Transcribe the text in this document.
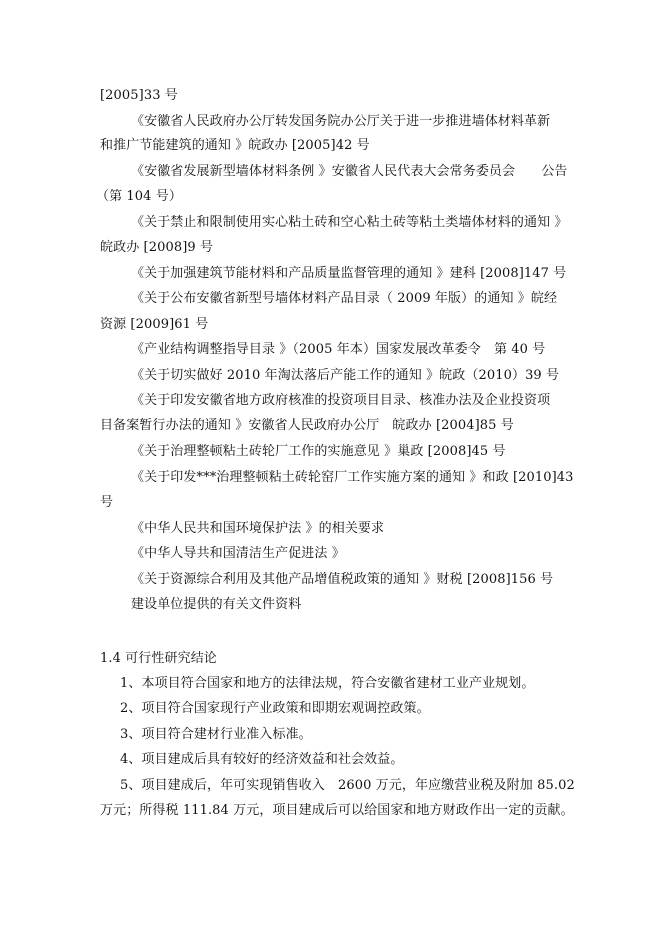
[2005]33 号
《安徽省人民政府办公厅转发国务院办公厅关于进一步推进墙体材料革新
和推广节能建筑的通知 》皖政办 [2005]42 号
《安徽省发展新型墙体材料条例 》安徽省人民代表大会常务委员会　　公告
（第 104 号）
《关于禁止和限制使用实心粘土砖和空心粘土砖等粘土类墙体材料的通知 》
皖政办 [2008]9 号
《关于加强建筑节能材料和产品质量监督管理的通知 》建科 [2008]147 号
《关于公布安徽省新型号墙体材料产品目录（ 2009 年版）的通知 》皖经
资源 [2009]61 号
《产业结构调整指导目录 》（2005 年本）国家发展改革委令　第 40 号
《关于切实做好 2010 年淘汰落后产能工作的通知 》皖政（2010）39 号
《关于印发安徽省地方政府核准的投资项目目录、核准办法及企业投资项
目备案暂行办法的通知 》安徽省人民政府办公厅　皖政办 [2004]85 号
《关于治理整顿粘土砖轮厂工作的实施意见 》巢政 [2008]45 号
《关于印发***治理整顿粘土砖轮窑厂工作实施方案的通知 》和政 [2010]43
号
《中华人民共和国环境保护法 》的相关要求
《中华人导共和国清洁生产促进法 》
《关于资源综合利用及其他产品增值税政策的通知 》财税 [2008]156 号
建设单位提供的有关文件资料
1.4 可行性研究结论
1、本项目符合国家和地方的法律法规，符合安徽省建材工业产业规划。
2、项目符合国家现行产业政策和即期宏观调控政策。
3、项目符合建材行业准入标准。
4、项目建成后具有较好的经济效益和社会效益。
5、项目建成后，年可实现销售收入　2600 万元，年应缴营业税及附加 85.02
万元；所得税 111.84 万元，项目建成后可以给国家和地方财政作出一定的贡献。
